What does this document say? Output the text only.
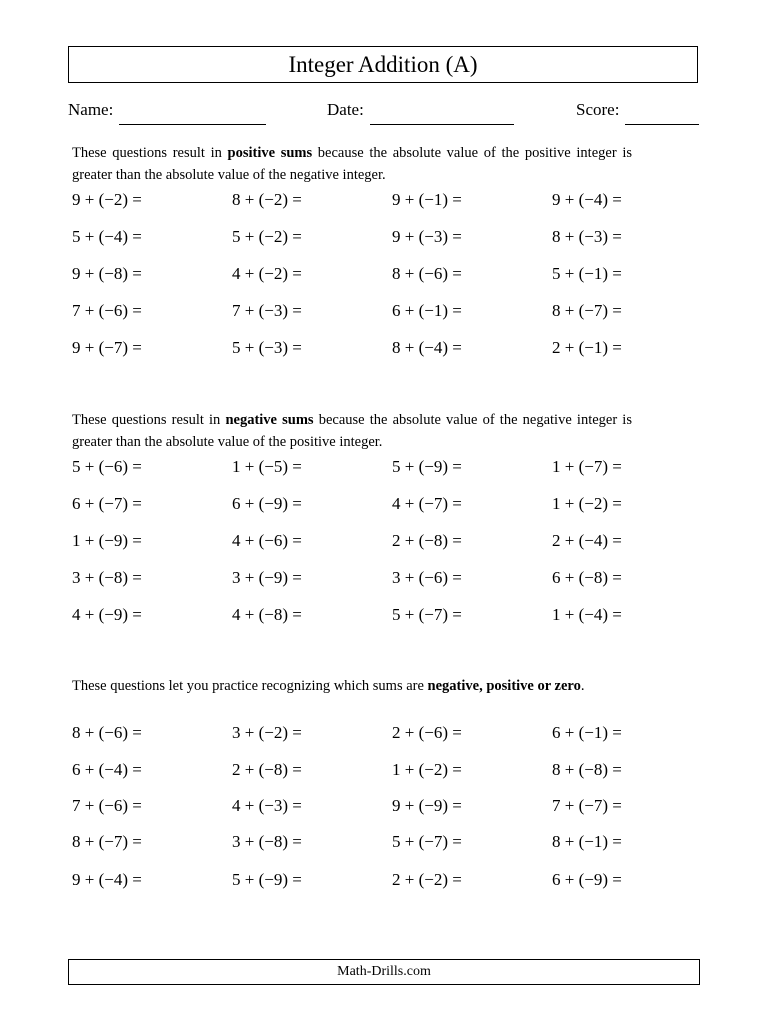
Integer Addition (A)
Name:	Date:	Score:
These questions result in positive sums because the absolute value of the positive integer is greater than the absolute value of the negative integer.
9 + (−2) =	8 + (−2) =	9 + (−1) =	9 + (−4) =
5 + (−4) =	5 + (−2) =	9 + (−3) =	8 + (−3) =
9 + (−8) =	4 + (−2) =	8 + (−6) =	5 + (−1) =
7 + (−6) =	7 + (−3) =	6 + (−1) =	8 + (−7) =
9 + (−7) =	5 + (−3) =	8 + (−4) =	2 + (−1) =
These questions result in negative sums because the absolute value of the negative integer is greater than the absolute value of the positive integer.
5 + (−6) =	1 + (−5) =	5 + (−9) =	1 + (−7) =
6 + (−7) =	6 + (−9) =	4 + (−7) =	1 + (−2) =
1 + (−9) =	4 + (−6) =	2 + (−8) =	2 + (−4) =
3 + (−8) =	3 + (−9) =	3 + (−6) =	6 + (−8) =
4 + (−9) =	4 + (−8) =	5 + (−7) =	1 + (−4) =
These questions let you practice recognizing which sums are negative, positive or zero.
8 + (−6) =	3 + (−2) =	2 + (−6) =	6 + (−1) =
6 + (−4) =	2 + (−8) =	1 + (−2) =	8 + (−8) =
7 + (−6) =	4 + (−3) =	9 + (−9) =	7 + (−7) =
8 + (−7) =	3 + (−8) =	5 + (−7) =	8 + (−1) =
9 + (−4) =	5 + (−9) =	2 + (−2) =	6 + (−9) =
Math-Drills.com
